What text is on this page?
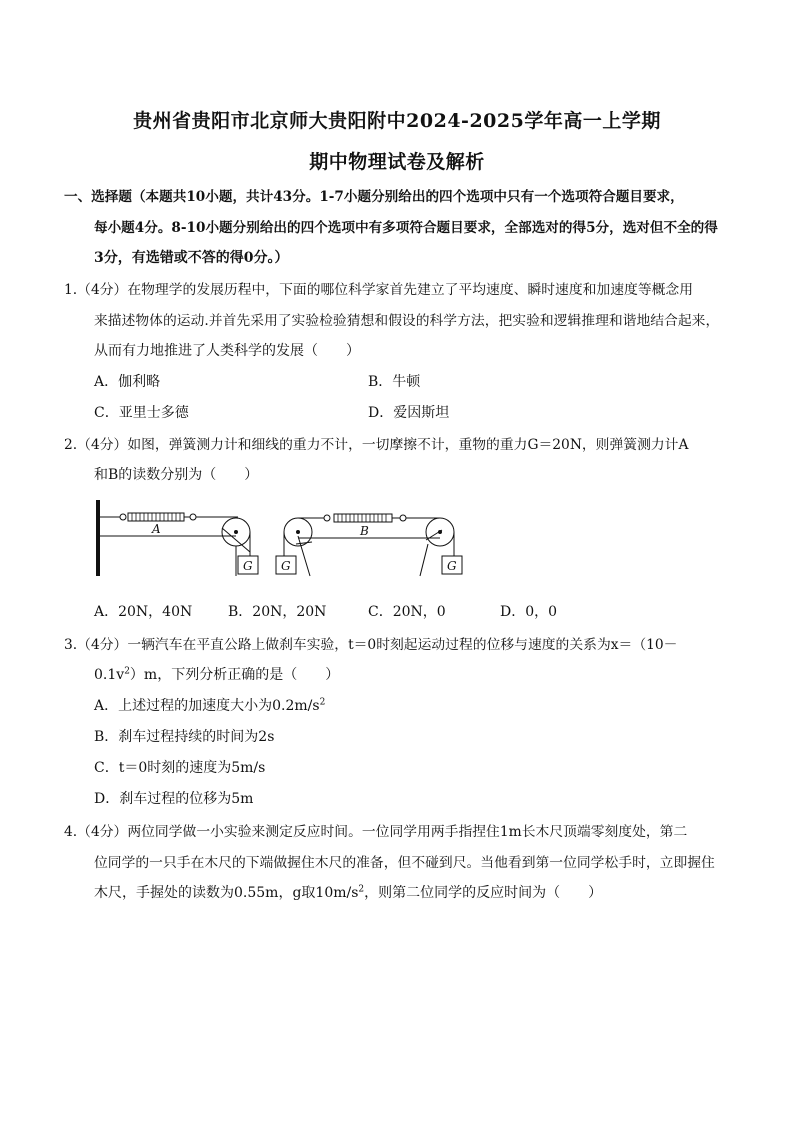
贵州省贵阳市北京师大贵阳附中2024-2025学年高一上学期
期中物理试卷及解析
一、选择题（本题共10小题，共计43分。1-7小题分别给出的四个选项中只有一个选项符合题目要求，
每小题4分。8-10小题分别给出的四个选项中有多项符合题目要求，全部选对的得5分，选对但不全的得
3分，有选错或不答的得0分。）
1.（4分）在物理学的发展历程中，下面的哪位科学家首先建立了平均速度、瞬时速度和加速度等概念用
来描述物体的运动.并首先采用了实验检验猜想和假设的科学方法，把实验和逻辑推理和谐地结合起来，
从而有力地推进了人类科学的发展（　　）
A．伽利略	B．牛顿
C．亚里士多德	D．爱因斯坦
2.（4分）如图，弹簧测力计和细线的重力不计，一切摩擦不计，重物的重力G＝20N，则弹簧测力计A
和B的读数分别为（　　）
A
G G
B
G
A．20N，40N	B．20N，20N	C．20N，0	D．0，0
3.（4分）一辆汽车在平直公路上做刹车实验，t＝0时刻起运动过程的位移与速度的关系为x＝（10－
$0.1v^2)m$，下列分析正确的是（　　）
A．上述过程的加速度大小为$0.2m/s^2$
B．刹车过程持续的时间为2s
C．t＝0时刻的速度为5m/s
D．刹车过程的位移为5m
4.（4分）两位同学做一小实验来测定反应时间。一位同学用两手指捏住1m长木尺顶端零刻度处，第二
位同学的一只手在木尺的下端做握住木尺的准备，但不碰到尺。当他看到第一位同学松手时，立即握住
木尺，手握处的读数为0.55m，g取$10m/s^2$，则第二位同学的反应时间为（　　）
